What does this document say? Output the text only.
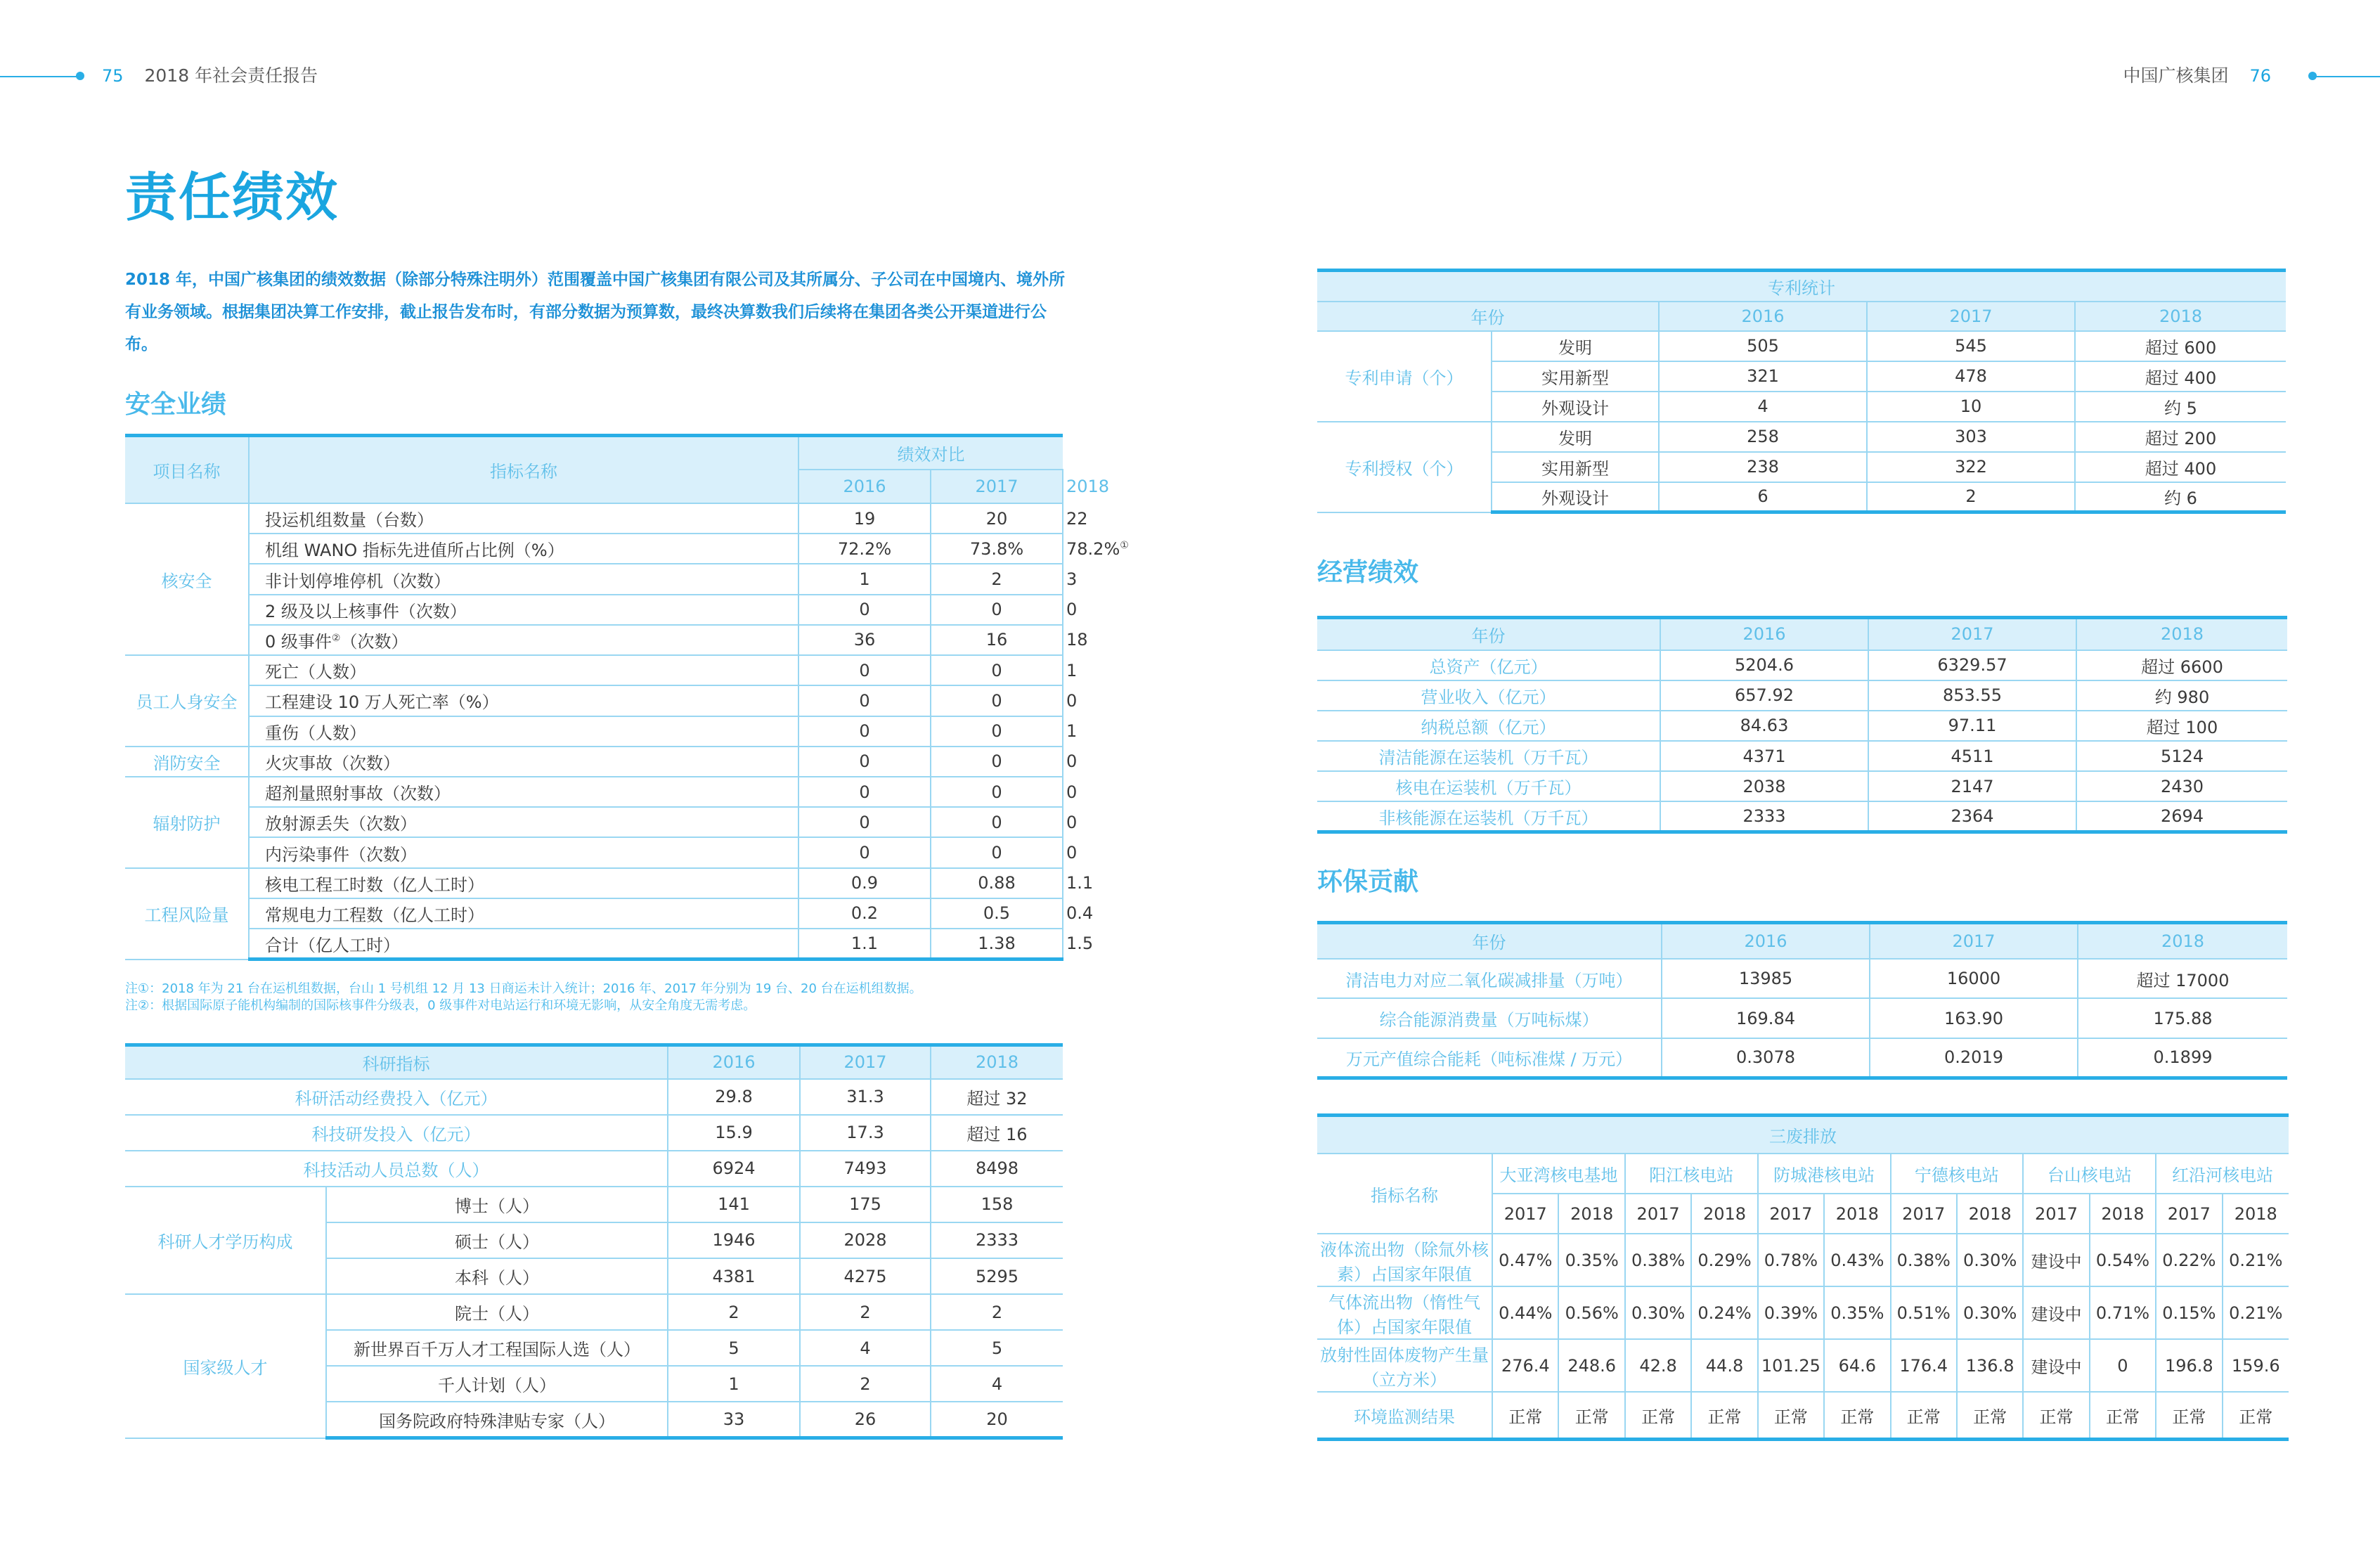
75 2018 年社会责任报告	中国广核集团 76
责任绩效

2018 年，中国广核集团的绩效数据（除部分特殊注明外）范围覆盖中国广核集团有限公司及其所属分、子公司在中国境内、境外所有业务领域。根据集团决算工作安排，截止报告发布时，有部分数据为预算数，最终决算数我们后续将在集团各类公开渠道进行公布。

安全业绩
项目名称	指标名称	绩效对比		
		2016	2017	2018
核安全	投运机组数量（台数）	19	20	22
	机组 WANO 指标先进值所占比例（%）	72.2%	73.8%	78.2%①
	非计划停堆停机（次数）	1	2	3
	2 级及以上核事件（次数）	0	0	0
	0 级事件②（次数）	36	16	18
员工人身安全	死亡（人数）	0	0	1
	工程建设 10 万人死亡率（%）	0	0	0
	重伤（人数）	0	0	1
消防安全	火灾事故（次数）	0	0	0
辐射防护	超剂量照射事故（次数）	0	0	0
	放射源丢失（次数）	0	0	0
	内污染事件（次数）	0	0	0
工程风险量	核电工程工时数（亿人工时）	0.9	0.88	1.1
	常规电力工程数（亿人工时）	0.2	0.5	0.4
	合计（亿人工时）	1.1	1.38	1.5

注①：2018 年为 21 台在运机组数据，台山 1 号机组 12 月 13 日商运未计入统计；2016 年、2017 年分别为 19 台、20 台在运机组数据。

注②：根据国际原子能机构编制的国际核事件分级表，0 级事件对电站运行和环境无影响，从安全角度无需考虑。

科研指标		2016	2017	2018
科研活动经费投入（亿元）		29.8	31.3	超过 32
科技研发投入（亿元）		15.9	17.3	超过 16
科技活动人员总数（人）		6924	7493	8498
科研人才学历构成	博士（人）	141	175	158
	硕士（人）	1946	2028	2333
	本科（人）	4381	4275	5295
国家级人才	院士（人）	2	2	2
	新世界百千万人才工程国际人选（人）	5	4	5
	千人计划（人）	1	2	4
	国务院政府特殊津贴专家（人）	33	26	20
专利统计				
年份		2016	2017	2018
专利申请（个）	发明	505	545	超过 600
	实用新型	321	478	超过 400
	外观设计	4	10	约 5
专利授权（个）	发明	258	303	超过 200
	实用新型	238	322	超过 400
	外观设计	6	2	约 6
经营绩效
年份	2016	2017	2018
总资产（亿元）	5204.6	6329.57	超过 6600
营业收入（亿元）	657.92	853.55	约 980
纳税总额（亿元）	84.63	97.11	超过 100
清洁能源在运装机（万千瓦）	4371	4511	5124
核电在运装机（万千瓦）	2038	2147	2430
非核能源在运装机（万千瓦）	2333	2364	2694
环保贡献
年份	2016	2017	2018
清洁电力对应二氧化碳减排量（万吨）	13985	16000	超过 17000
综合能源消费量（万吨标煤）	169.84	163.90	175.88
万元产值综合能耗（吨标准煤 / 万元）	0.3078	0.2019	0.1899
三废排放												
指标名称	大亚湾核电基地		阳江核电站		防城港核电站		宁德核电站		台山核电站		红沿河核电站	
	2017	2018	2017	2018	2017	2018	2017	2018	2017	2018	2017	2018
液体流出物（除氚外核素）占国家年限值	0.47%	0.35%	0.38%	0.29%	0.78%	0.43%	0.38%	0.30%	建设中	0.54%	0.22%	0.21%
气体流出物（惰性气体）占国家年限值	0.44%	0.56%	0.30%	0.24%	0.39%	0.35%	0.51%	0.30%	建设中	0.71%	0.15%	0.21%
放射性固体废物产生量（立方米）	276.4	248.6	42.8	44.8	101.25	64.6	176.4	136.8	建设中	0	196.8	159.6
环境监测结果	正常	正常	正常	正常	正常	正常	正常	正常	正常	正常	正常	正常
